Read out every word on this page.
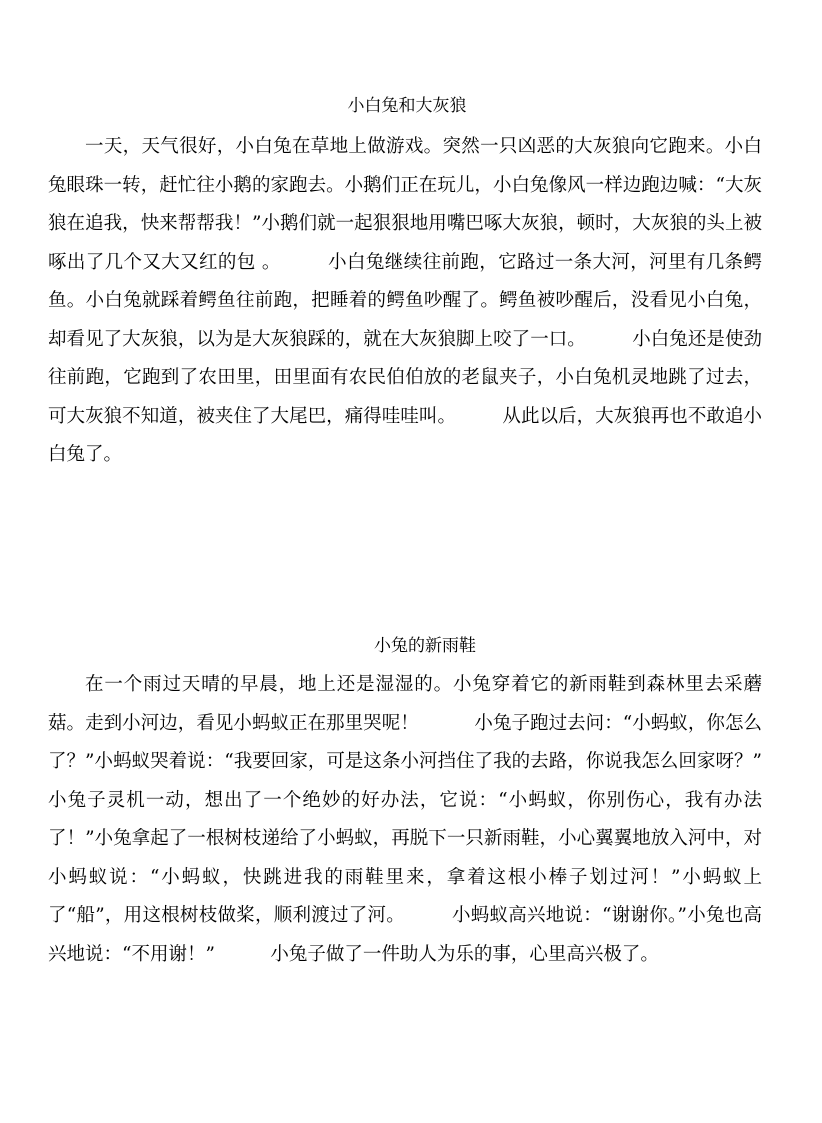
小白兔和大灰狼

一天，天气很好，小白兔在草地上做游戏。突然一只凶恶的大灰狼向它跑来。小白兔眼珠一转，赶忙往小鹅的家跑去。小鹅们正在玩儿，小白兔像风一样边跑边喊：“大灰狼在追我，快来帮帮我！”小鹅们就一起狠狠地用嘴巴啄大灰狼，顿时，大灰狼的头上被啄出了几个又大又红的包 。　　　小白兔继续往前跑，它路过一条大河，河里有几条鳄鱼。小白兔就踩着鳄鱼往前跑，把睡着的鳄鱼吵醒了。鳄鱼被吵醒后，没看见小白兔，却看见了大灰狼，以为是大灰狼踩的，就在大灰狼脚上咬了一口。　　　小白兔还是使劲往前跑，它跑到了农田里，田里面有农民伯伯放的老鼠夹子，小白兔机灵地跳了过去，可大灰狼不知道，被夹住了大尾巴，痛得哇哇叫。　　　从此以后，大灰狼再也不敢追小白兔了。

小兔的新雨鞋

在一个雨过天晴的早晨，地上还是湿湿的。小兔穿着它的新雨鞋到森林里去采蘑菇。走到小河边，看见小蚂蚁正在那里哭呢！　　　小兔子跑过去问：“小蚂蚁，你怎么了？”小蚂蚁哭着说：“我要回家，可是这条小河挡住了我的去路，你说我怎么回家呀？”　　　小兔子灵机一动，想出了一个绝妙的好办法，它说：“小蚂蚁，你别伤心，我有办法了！”小兔拿起了一根树枝递给了小蚂蚁，再脱下一只新雨鞋，小心翼翼地放入河中，对小蚂蚁说：“小蚂蚁，快跳进我的雨鞋里来，拿着这根小棒子划过河！”小蚂蚁上了“船”，用这根树枝做桨，顺利渡过了河。　　　小蚂蚁高兴地说：“谢谢你。”小兔也高兴地说：“不用谢！”　　　小兔子做了一件助人为乐的事，心里高兴极了。
